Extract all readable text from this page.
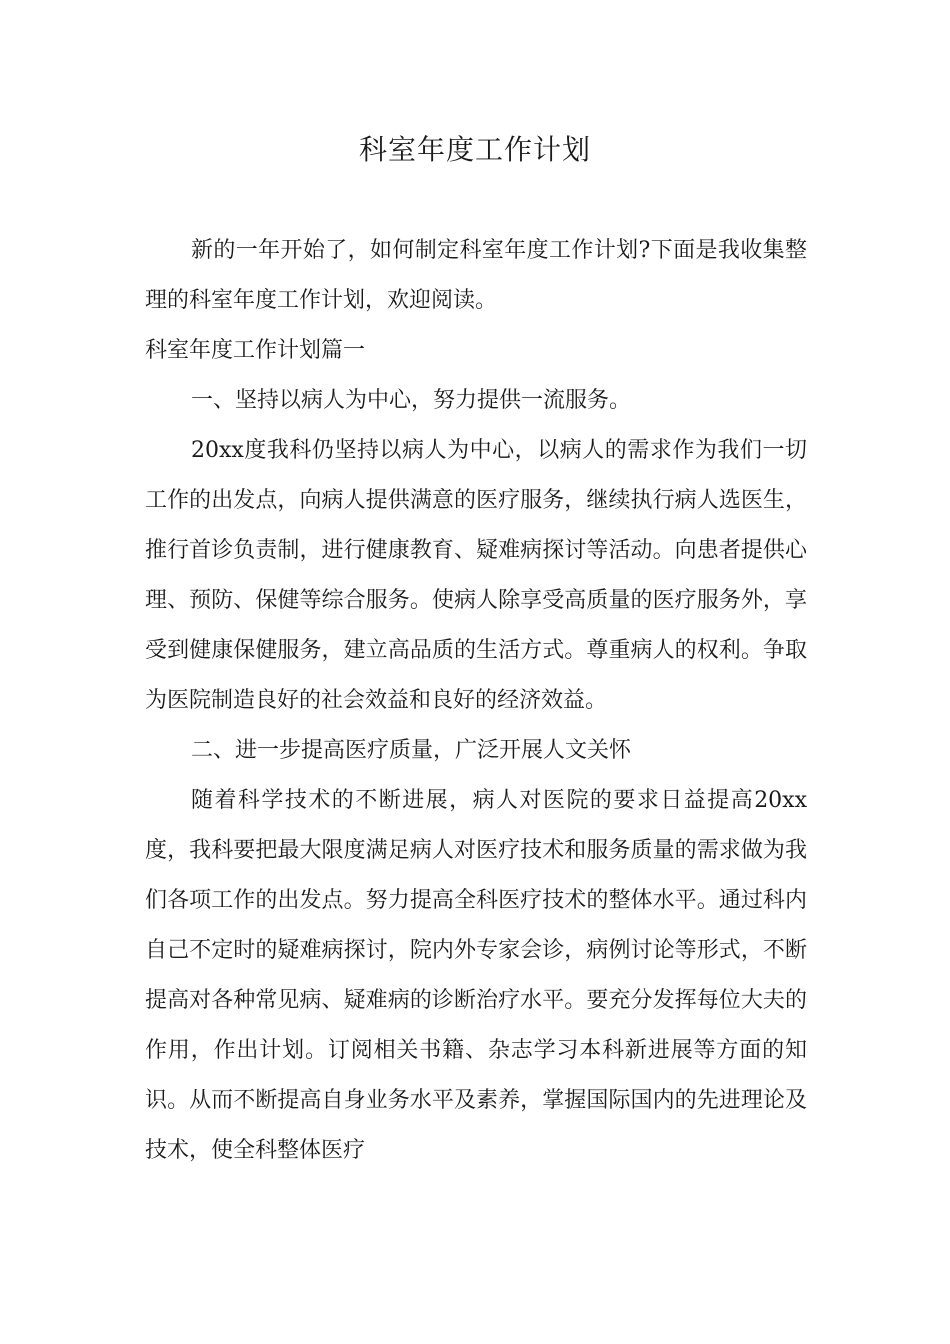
科室年度工作计划

新的一年开始了，如何制定科室年度工作计划?下面是我收集整理的科室年度工作计划，欢迎阅读。

科室年度工作计划篇一

一、坚持以病人为中心，努力提供一流服务。

20xx度我科仍坚持以病人为中心，以病人的需求作为我们一切工作的出发点，向病人提供满意的医疗服务，继续执行病人选医生，推行首诊负责制，进行健康教育、疑难病探讨等活动。向患者提供心理、预防、保健等综合服务。使病人除享受高质量的医疗服务外，享受到健康保健服务，建立高品质的生活方式。尊重病人的权利。争取为医院制造良好的社会效益和良好的经济效益。

二、进一步提高医疗质量，广泛开展人文关怀

随着科学技术的不断进展，病人对医院的要求日益提高20xx度，我科要把最大限度满足病人对医疗技术和服务质量的需求做为我们各项工作的出发点。努力提高全科医疗技术的整体水平。通过科内自己不定时的疑难病探讨，院内外专家会诊，病例讨论等形式，不断提高对各种常见病、疑难病的诊断治疗水平。要充分发挥每位大夫的作用，作出计划。订阅相关书籍、杂志学习本科新进展等方面的知识。从而不断提高自身业务水平及素养，掌握国际国内的先进理论及技术，使全科整体医疗
